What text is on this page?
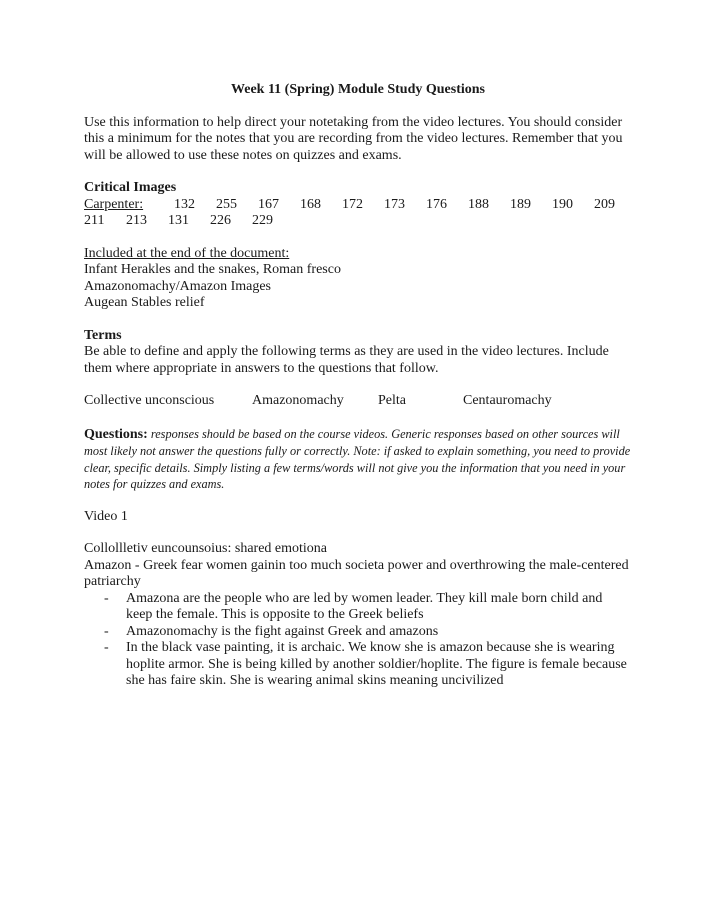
Week 11 (Spring) Module Study Questions

Use this information to help direct your notetaking from the video lectures. You should consider this a minimum for the notes that you are recording from the video lectures. Remember that you will be allowed to use these notes on quizzes and exams.

Critical Images

Carpenter:	132	255	167	168	172	173	176	188	189	190	209
211	213	131	226	229

Included at the end of the document:

Infant Herakles and the snakes, Roman fresco

Amazonomachy/Amazon Images

Augean Stables relief

Terms

Be able to define and apply the following terms as they are used in the video lectures. Include them where appropriate in answers to the questions that follow.

Collective unconscious	Amazonomachy	Pelta	Centauromachy

Questions: responses should be based on the course videos. Generic responses based on other sources will most likely not answer the questions fully or correctly. Note: if asked to explain something, you need to provide clear, specific details. Simply listing a few terms/words will not give you the information that you need in your notes for quizzes and exams.

Video 1

Collollletiv euncounsoius: shared emotiona

Amazon - Greek fear women gainin too much societa power and overthrowing the male-centered patriarchy

- Amazona are the people who are led by women leader. They kill male born child and keep the female. This is opposite to the Greek beliefs
- Amazonomachy is the fight against Greek and amazons
- In the black vase painting, it is archaic. We know she is amazon because she is wearing hoplite armor. She is being killed by another soldier/hoplite. The figure is female because she has faire skin. She is wearing animal skins meaning uncivilized
